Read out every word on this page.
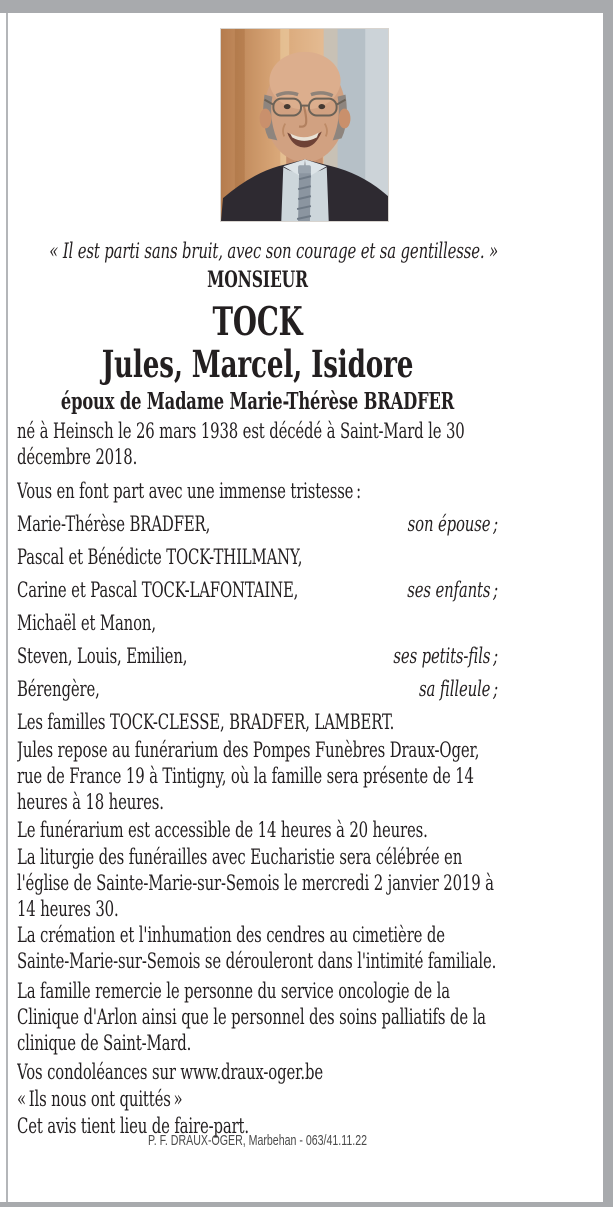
« Il est parti sans bruit, avec son courage et sa gentillesse. »
MONSIEUR
TOCK
Jules, Marcel, Isidore
époux de Madame Marie-Thérèse BRADFER

né à Heinsch le 26 mars 1938 est décédé à Saint-Mard le 30 décembre 2018.

Vous en font part avec une immense tristesse :

Marie-Thérèse BRADFER,	son épouse ;
Pascal et Bénédicte TOCK-THILMANY,
Carine et Pascal TOCK-LAFONTAINE,	ses enfants ;
Michaël et Manon,
Steven, Louis, Emilien,	ses petits-fils ;
Bérengère,	sa filleule ;

Les familles TOCK-CLESSE, BRADFER, LAMBERT.

Jules repose au funérarium des Pompes Funèbres Draux-Oger, rue de France 19 à Tintigny, où la famille sera présente de 14 heures à 18 heures.

Le funérarium est accessible de 14 heures à 20 heures.

La liturgie des funérailles avec Eucharistie sera célébrée en l'église de Sainte-Marie-sur-Semois le mercredi 2 janvier 2019 à 14 heures 30.

La crémation et l'inhumation des cendres au cimetière de Sainte-Marie-sur-Semois se dérouleront dans l'intimité familiale.

La famille remercie le personne du service oncologie de la Clinique d'Arlon ainsi que le personnel des soins palliatifs de la clinique de Saint-Mard.

Vos condoléances sur www.draux-oger.be

« Ils nous ont quittés »

Cet avis tient lieu de faire-part.

P. F. DRAUX-OGER, Marbehan - 063/41.11.22
